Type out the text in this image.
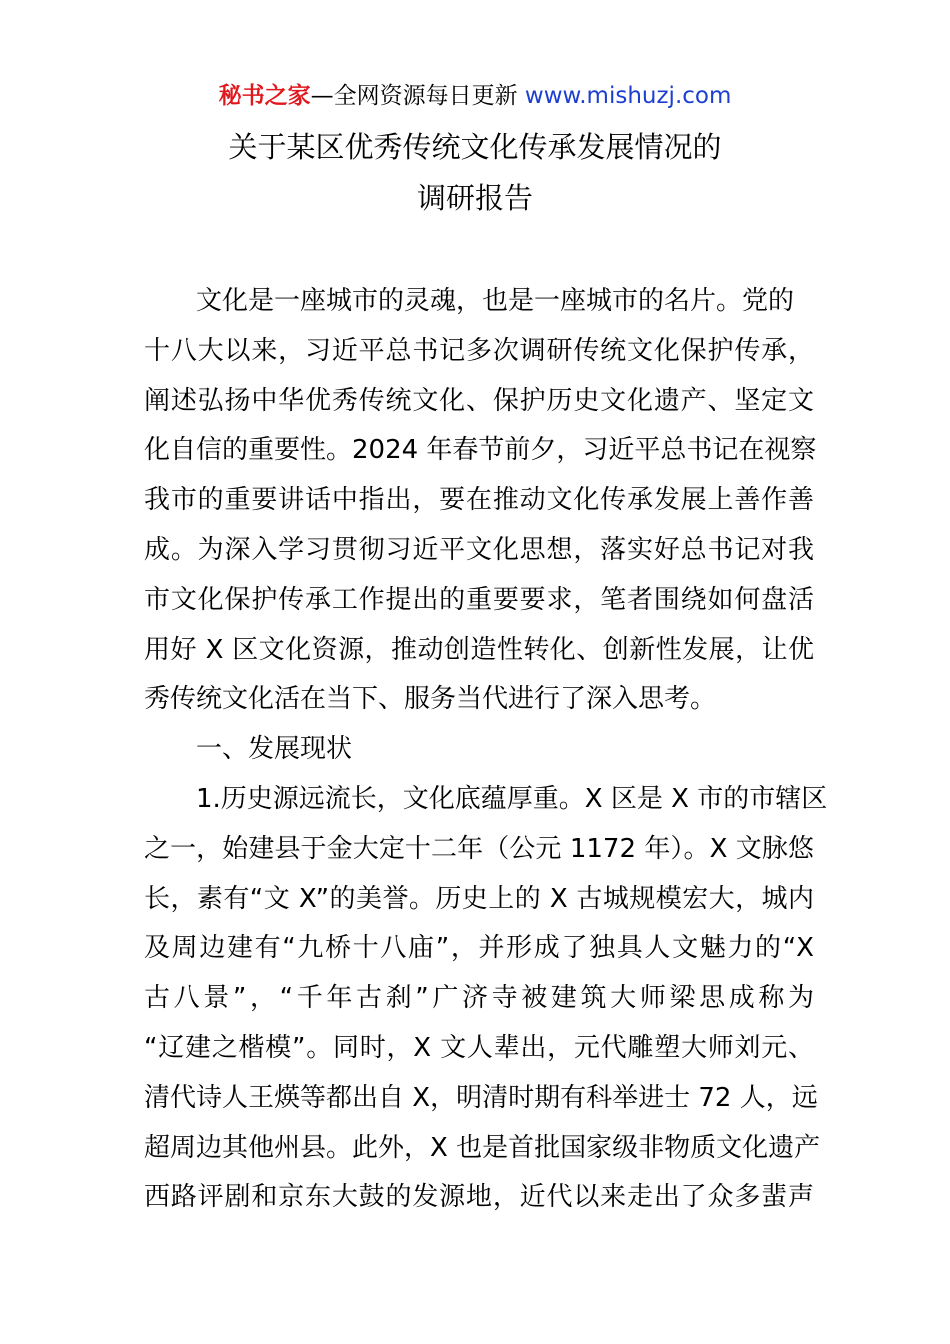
秘书之家—全网资源每日更新 www.mishuzj.com
关于某区优秀传统文化传承发展情况的
调研报告
文化是一座城市的灵魂，也是一座城市的名片。党的
十八大以来，习近平总书记多次调研传统文化保护传承，
阐述弘扬中华优秀传统文化、保护历史文化遗产、坚定文
化自信的重要性。2024 年春节前夕，习近平总书记在视察
我市的重要讲话中指出，要在推动文化传承发展上善作善
成。为深入学习贯彻习近平文化思想，落实好总书记对我
市文化保护传承工作提出的重要要求，笔者围绕如何盘活
用好 X 区文化资源，推动创造性转化、创新性发展，让优
秀传统文化活在当下、服务当代进行了深入思考。
一、发展现状
1.历史源远流长，文化底蕴厚重。X 区是 X 市的市辖区
之一，始建县于金大定十二年（公元 1172 年）。X 文脉悠
长，素有“文 X”的美誉。历史上的 X 古城规模宏大，城内
及周边建有“九桥十八庙”，并形成了独具人文魅力的“X
古八景”，“千年古刹”广济寺被建筑大师梁思成称为
“辽建之楷模”。同时，X 文人辈出，元代雕塑大师刘元、
清代诗人王煐等都出自 X，明清时期有科举进士 72 人，远
超周边其他州县。此外，X 也是首批国家级非物质文化遗产
西路评剧和京东大鼓的发源地，近代以来走出了众多蜚声
